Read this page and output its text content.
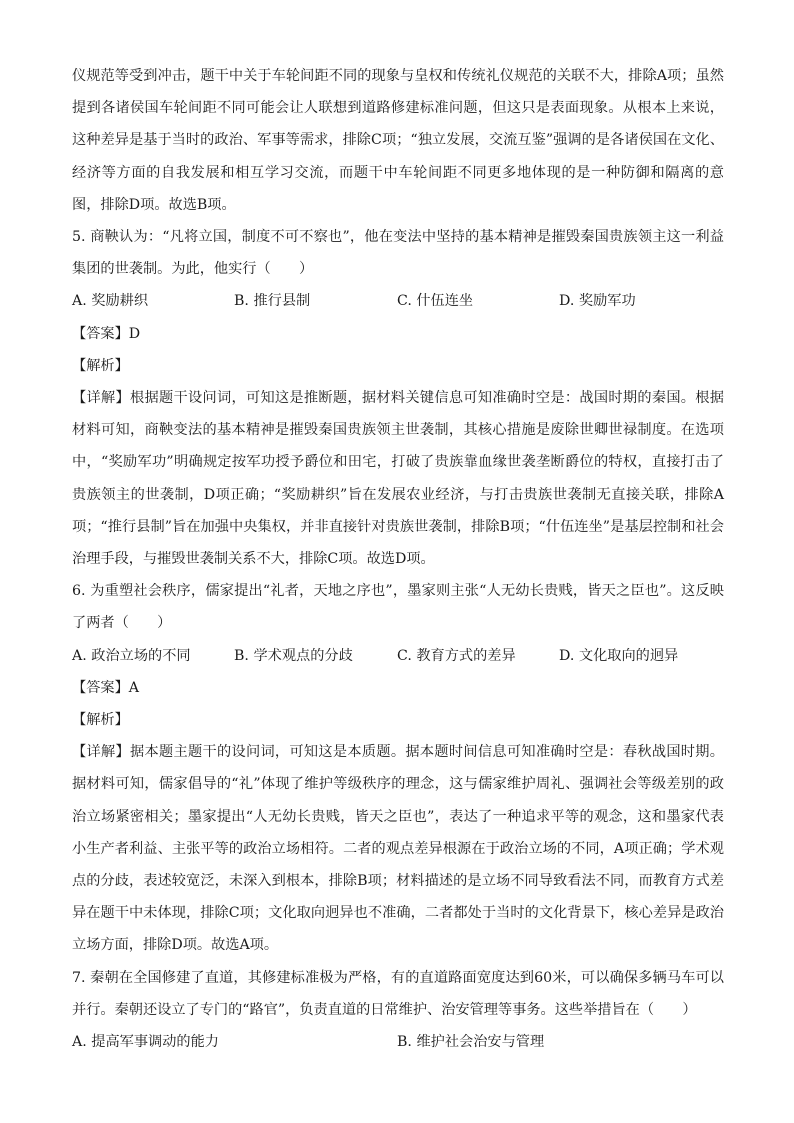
仪规范等受到冲击，题干中关于车轮间距不同的现象与皇权和传统礼仪规范的关联不大，排除A项；虽然提到各诸侯国车轮间距不同可能会让人联想到道路修建标准问题，但这只是表面现象。从根本上来说，这种差异是基于当时的政治、军事等需求，排除C项；“独立发展，交流互鉴”强调的是各诸侯国在文化、经济等方面的自我发展和相互学习交流，而题干中车轮间距不同更多地体现的是一种防御和隔离的意图，排除D项。故选B项。

5. 商鞅认为：“凡将立国，制度不可不察也”，他在变法中坚持的基本精神是摧毁秦国贵族领主这一利益集团的世袭制。为此，他实行（　　）

A. 奖励耕织	B. 推行县制	C. 什伍连坐	D. 奖励军功

【答案】D

【解析】

【详解】根据题干设问词，可知这是推断题，据材料关键信息可知准确时空是：战国时期的秦国。根据材料可知，商鞅变法的基本精神是摧毁秦国贵族领主世袭制，其核心措施是废除世卿世禄制度。在选项中，“奖励军功”明确规定按军功授予爵位和田宅，打破了贵族靠血缘世袭垄断爵位的特权，直接打击了贵族领主的世袭制，D项正确；“奖励耕织”旨在发展农业经济，与打击贵族世袭制无直接关联，排除A项；“推行县制”旨在加强中央集权，并非直接针对贵族世袭制，排除B项；“什伍连坐”是基层控制和社会治理手段，与摧毁世袭制关系不大，排除C项。故选D项。

6. 为重塑社会秩序，儒家提出“礼者，天地之序也”，墨家则主张“人无幼长贵贱，皆天之臣也”。这反映了两者（　　）

A. 政治立场的不同	B. 学术观点的分歧	C. 教育方式的差异	D. 文化取向的迥异

【答案】A

【解析】

【详解】据本题主题干的设问词，可知这是本质题。据本题时间信息可知准确时空是：春秋战国时期。据材料可知，儒家倡导的“礼”体现了维护等级秩序的理念，这与儒家维护周礼、强调社会等级差别的政治立场紧密相关；墨家提出“人无幼长贵贱，皆天之臣也”，表达了一种追求平等的观念，这和墨家代表小生产者利益、主张平等的政治立场相符。二者的观点差异根源在于政治立场的不同，A项正确；学术观点的分歧，表述较宽泛，未深入到根本，排除B项；材料描述的是立场不同导致看法不同，而教育方式差异在题干中未体现，排除C项；文化取向迥异也不准确，二者都处于当时的文化背景下，核心差异是政治立场方面，排除D项。故选A项。

7. 秦朝在全国修建了直道，其修建标准极为严格，有的直道路面宽度达到60米，可以确保多辆马车可以并行。秦朝还设立了专门的“路官”，负责直道的日常维护、治安管理等事务。这些举措旨在（　　）

A. 提高军事调动的能力	B. 维护社会治安与管理
